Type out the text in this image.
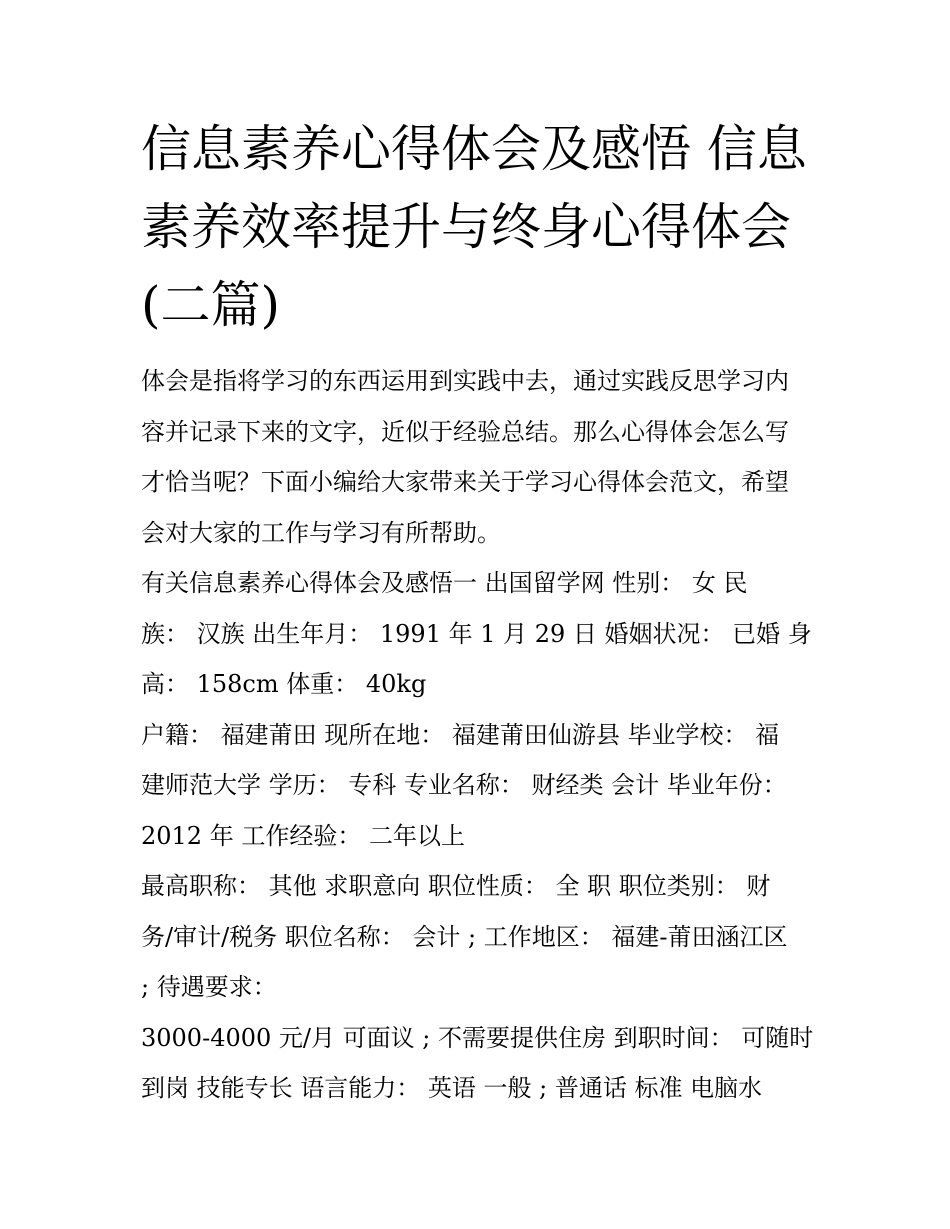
信息素养心得体会及感悟 信息
素养效率提升与终身心得体会
(二篇)

体会是指将学习的东西运用到实践中去，通过实践反思学习内
容并记录下来的文字，近似于经验总结。那么心得体会怎么写
才恰当呢？下面小编给大家带来关于学习心得体会范文，希望
会对大家的工作与学习有所帮助。

有关信息素养心得体会及感悟一 出国留学网 性别： 女 民
族： 汉族 出生年月： 1991 年 1 月 29 日 婚姻状况： 已婚 身
高： 158cm 体重： 40kg

户籍： 福建莆田 现所在地： 福建莆田仙游县 毕业学校： 福
建师范大学 学历： 专科 专业名称： 财经类 会计 毕业年份：
2012 年 工作经验： 二年以上

最高职称： 其他 求职意向 职位性质： 全 职 职位类别： 财
务/审计/税务 职位名称： 会计 ; 工作地区： 福建-莆田涵江区
; 待遇要求：

3000-4000 元/月 可面议 ; 不需要提供住房 到职时间： 可随时
到岗 技能专长 语言能力： 英语 一般 ; 普通话 标准 电脑水
